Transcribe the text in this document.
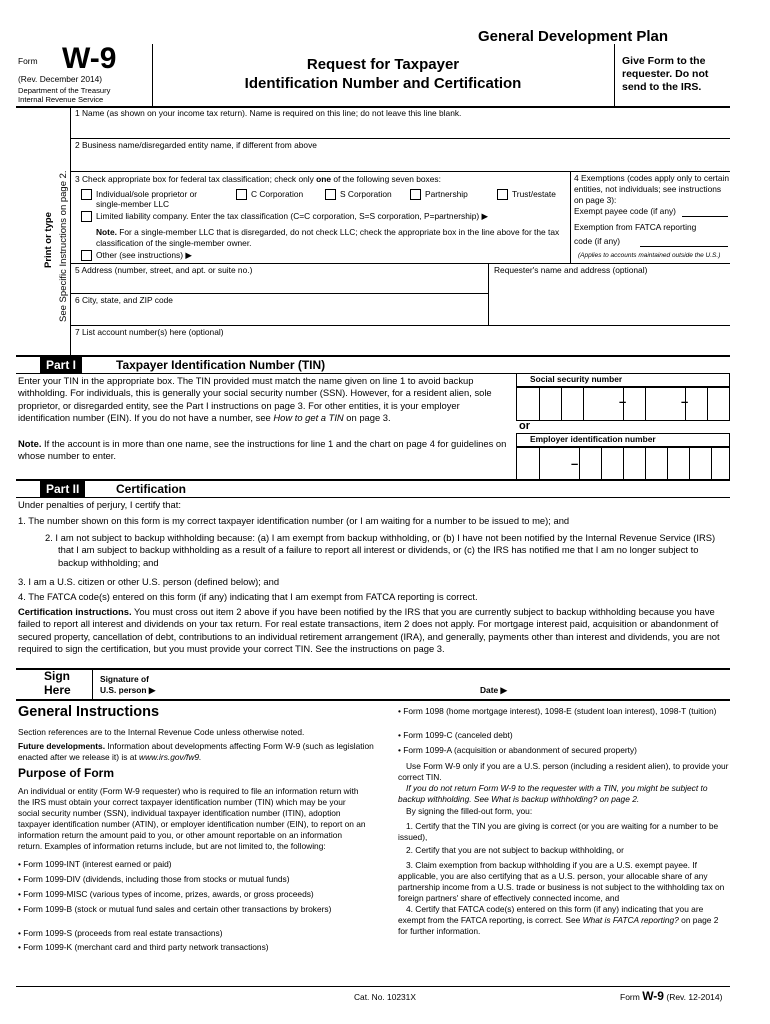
General Development Plan
Form W-9
(Rev. December 2014)
Department of the Treasury
Internal Revenue Service
Request for Taxpayer
Identification Number and Certification
Give Form to the requester. Do not send to the IRS.
Print or type See Specific Instructions on page 2.
1 Name (as shown on your income tax return). Name is required on this line; do not leave this line blank.
2 Business name/disregarded entity name, if different from above
3 Check appropriate box for federal tax classification; check only one of the following seven boxes:
Individual/sole proprietor or
single-member LLC
C Corporation	S Corporation	Partnership	Trust/estate
Limited liability company. Enter the tax classification (C=C corporation, S=S corporation, P=partnership) ▶
Note. For a single-member LLC that is disregarded, do not check LLC; check the appropriate box in the line above for the tax classification of the single-member owner.
Other (see instructions) ▶
4 Exemptions (codes apply only to certain entities, not individuals; see instructions on page 3):
Exempt payee code (if any)
Exemption from FATCA reporting
code (if any)
(Applies to accounts maintained outside the U.S.)
5 Address (number, street, and apt. or suite no.)	Requester's name and address (optional)
6 City, state, and ZIP code
7 List account number(s) here (optional)
Part I	Taxpayer Identification Number (TIN)
Enter your TIN in the appropriate box. The TIN provided must match the name given on line 1 to avoid backup withholding. For individuals, this is generally your social security number (SSN). However, for a resident alien, sole proprietor, or disregarded entity, see the Part I instructions on page 3. For other entities, it is your employer identification number (EIN). If you do not have a number, see How to get a TIN on page 3.
Note. If the account is in more than one name, see the instructions for line 1 and the chart on page 4 for guidelines on whose number to enter.
Social security number
–	–
or
Employer identification number
–
Part II	Certification
Under penalties of perjury, I certify that:
1. The number shown on this form is my correct taxpayer identification number (or I am waiting for a number to be issued to me); and
2. I am not subject to backup withholding because: (a) I am exempt from backup withholding, or (b) I have not been notified by the Internal Revenue Service (IRS) that I am subject to backup withholding as a result of a failure to report all interest or dividends, or (c) the IRS has notified me that I am no longer subject to backup withholding; and
3. I am a U.S. citizen or other U.S. person (defined below); and
4. The FATCA code(s) entered on this form (if any) indicating that I am exempt from FATCA reporting is correct.
Certification instructions. You must cross out item 2 above if you have been notified by the IRS that you are currently subject to backup withholding because you have failed to report all interest and dividends on your tax return. For real estate transactions, item 2 does not apply. For mortgage interest paid, acquisition or abandonment of secured property, cancellation of debt, contributions to an individual retirement arrangement (IRA), and generally, payments other than interest and dividends, you are not required to sign the certification, but you must provide your correct TIN. See the instructions on page 3.
Sign
Here
Signature of
U.S. person ▶	Date ▶
General Instructions
Section references are to the Internal Revenue Code unless otherwise noted.
Future developments. Information about developments affecting Form W-9 (such as legislation enacted after we release it) is at www.irs.gov/fw9.
Purpose of Form
An individual or entity (Form W-9 requester) who is required to file an information return with the IRS must obtain your correct taxpayer identification number (TIN) which may be your social security number (SSN), individual taxpayer identification number (ITIN), adoption taxpayer identification number (ATIN), or employer identification number (EIN), to report on an information return the amount paid to you, or other amount reportable on an information return. Examples of information returns include, but are not limited to, the following:
• Form 1099-INT (interest earned or paid)
• Form 1099-DIV (dividends, including those from stocks or mutual funds)
• Form 1099-MISC (various types of income, prizes, awards, or gross proceeds)
• Form 1099-B (stock or mutual fund sales and certain other transactions by brokers)
• Form 1099-S (proceeds from real estate transactions)
• Form 1099-K (merchant card and third party network transactions)
• Form 1098 (home mortgage interest), 1098-E (student loan interest), 1098-T (tuition)
• Form 1099-C (canceled debt)
• Form 1099-A (acquisition or abandonment of secured property)
Use Form W-9 only if you are a U.S. person (including a resident alien), to provide your correct TIN.
If you do not return Form W-9 to the requester with a TIN, you might be subject to backup withholding. See What is backup withholding? on page 2.
By signing the filled-out form, you:
1. Certify that the TIN you are giving is correct (or you are waiting for a number to be issued),
2. Certify that you are not subject to backup withholding, or
3. Claim exemption from backup withholding if you are a U.S. exempt payee. If applicable, you are also certifying that as a U.S. person, your allocable share of any partnership income from a U.S. trade or business is not subject to the withholding tax on foreign partners' share of effectively connected income, and
4. Certify that FATCA code(s) entered on this form (if any) indicating that you are exempt from the FATCA reporting, is correct. See What is FATCA reporting? on page 2 for further information.
Cat. No. 10231X	Form W-9 (Rev. 12-2014)
